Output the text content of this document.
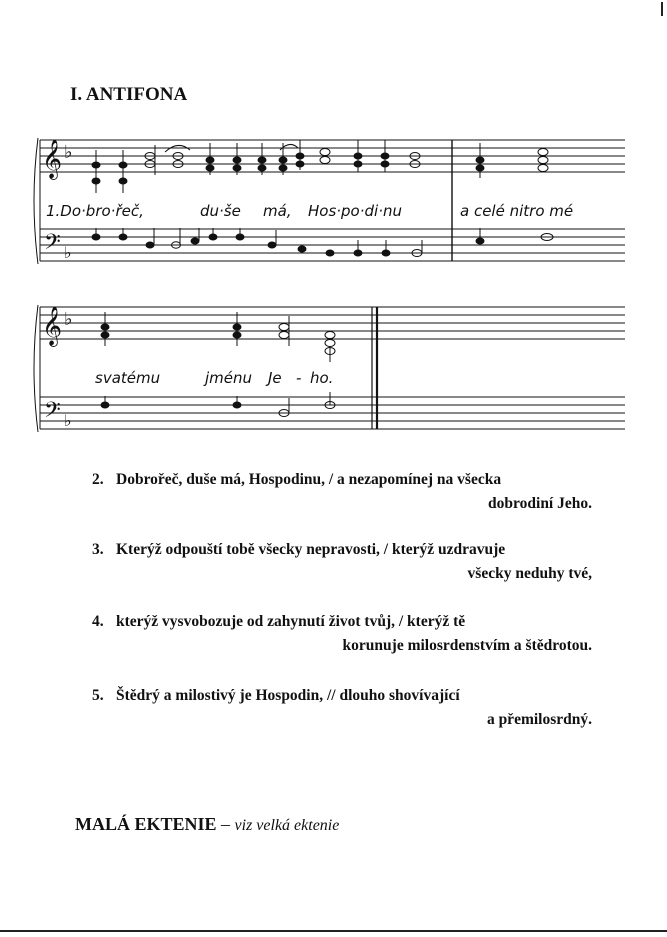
I. ANTIFONA
𝄞 ♭
𝄢 ♭
1.Do·bro·řeč,	du·še má, Hos·po·di·nu	a celé nitro mé
𝄞 ♭
𝄢 ♭
svatému	jménu Je - ho.
2. Dobrořeč, duše má, Hospodinu, / a nezapomínej na všecka
dobrodiní Jeho.
3. Kterýž odpouští tobě všecky nepravosti, / kterýž uzdravuje
všecky neduhy tvé,
4. kterýž vysvobozuje od zahynutí život tvůj, / kterýž tě
korunuje milosrdenstvím a štědrotou.
5. Štědrý a milostivý je Hospodin, // dlouho shovívající
a přemilosrdný.
MALÁ EKTENIE – viz velká ektenie
